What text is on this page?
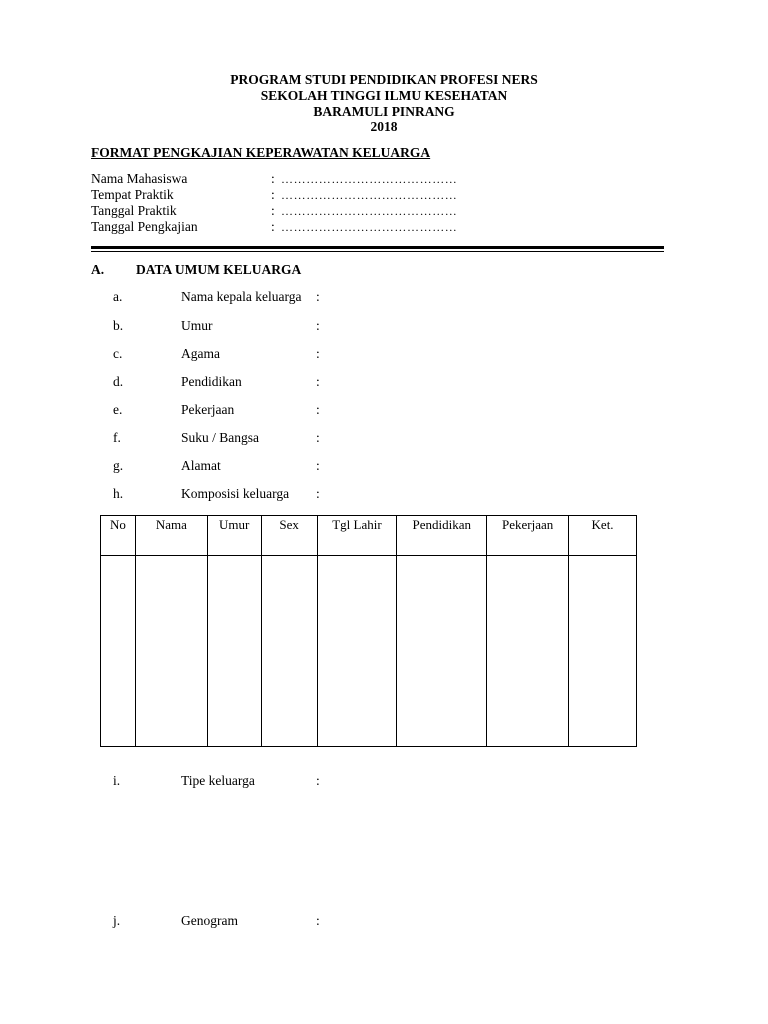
PROGRAM STUDI PENDIDIKAN PROFESI NERS
SEKOLAH TINGGI ILMU KESEHATAN
BARAMULI PINRANG
2018
FORMAT PENGKAJIAN KEPERAWATAN KELUARGA
Nama Mahasiswa	: ……………………………………
Tempat Praktik	: ……………………………………
Tanggal Praktik	: ……………………………………
Tanggal Pengkajian	: ……………………………………
A. DATA UMUM KELUARGA
a.	Nama kepala keluarga :
b.	Umur	:
c.	Agama	:
d.	Pendidikan	:
e.	Pekerjaan	:
f.	Suku / Bangsa	:
g.	Alamat	:
h.	Komposisi keluarga :
No	Nama	Umur	Sex	Tgl Lahir	Pendidikan	Pekerjaan	Ket.

i.	Tipe keluarga	:
j.	Genogram	:
